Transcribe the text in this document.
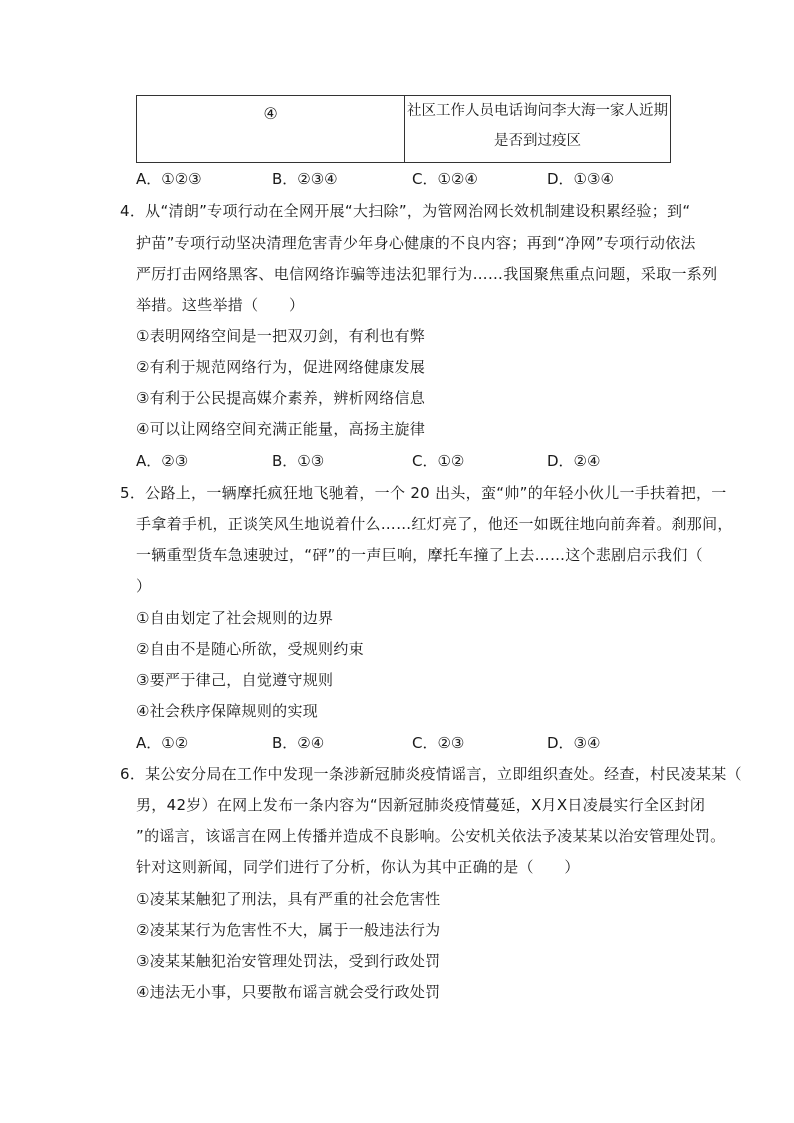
④	社区工作人员电话询问李大海一家人近期
是否到过疫区
A．①②③	B．②③④	C．①②④	D．①③④
4．从“清朗”专项行动在全网开展“大扫除”，为管网治网长效机制建设积累经验；到“
护苗”专项行动坚决清理危害青少年身心健康的不良内容；再到“净网”专项行动依法
严厉打击网络黑客、电信网络诈骗等违法犯罪行为……我国聚焦重点问题，采取一系列
举措。这些举措（　　）
①表明网络空间是一把双刃剑，有利也有弊
②有利于规范网络行为，促进网络健康发展
③有利于公民提高媒介素养，辨析网络信息
④可以让网络空间充满正能量，高扬主旋律
A．②③	B．①③	C．①②	D．②④
5．公路上，一辆摩托疯狂地飞驰着，一个 20 出头，蛮“帅”的年轻小伙儿一手扶着把，一
手拿着手机，正谈笑风生地说着什么……红灯亮了，他还一如既往地向前奔着。刹那间，
一辆重型货车急速驶过，“砰”的一声巨响，摩托车撞了上去……这个悲剧启示我们（
）
①自由划定了社会规则的边界
②自由不是随心所欲，受规则约束
③要严于律己，自觉遵守规则
④社会秩序保障规则的实现
A．①②	B．②④	C．②③	D．③④
6．某公安分局在工作中发现一条涉新冠肺炎疫情谣言，立即组织查处。经查，村民凌某某（
男，42岁）在网上发布一条内容为“因新冠肺炎疫情蔓延，X月X日凌晨实行全区封闭
”的谣言，该谣言在网上传播并造成不良影响。公安机关依法予凌某某以治安管理处罚。
针对这则新闻，同学们进行了分析，你认为其中正确的是（　　）
①凌某某触犯了刑法，具有严重的社会危害性
②凌某某行为危害性不大，属于一般违法行为
③凌某某触犯治安管理处罚法，受到行政处罚
④违法无小事，只要散布谣言就会受行政处罚
